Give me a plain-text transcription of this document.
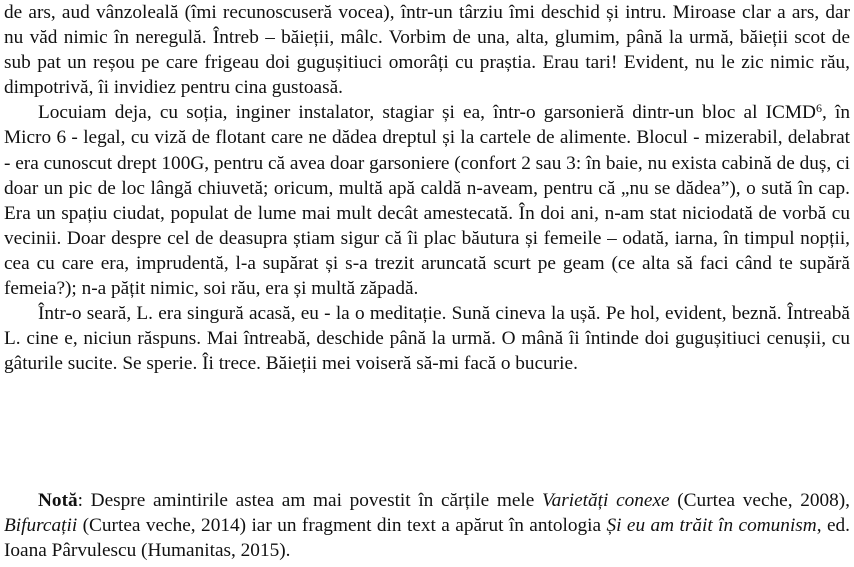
de ars, aud vânzoleală (îmi recunoscuseră vocea), într-un târziu îmi deschid și intru. Miroase clar a ars, dar nu văd nimic în neregulă. Întreb – băieții, mâlc. Vorbim de una, alta, glumim, până la urmă, băieții scot de sub pat un reșou pe care frigeau doi gugușitiuci omorâți cu praștia. Erau tari! Evident, nu le zic nimic rău, dimpotrivă, îi invidiez pentru cina gustoasă.

Locuiam deja, cu soția, inginer instalator, stagiar și ea, într-o garsonieră dintr-un bloc al ICMD$^6$, în Micro 6 - legal, cu viză de flotant care ne dădea dreptul și la cartele de alimente. Blocul - mizerabil, delabrat - era cunoscut drept 100G, pentru că avea doar garsoniere (confort 2 sau 3: în baie, nu exista cabină de duș, ci doar un pic de loc lângă chiuvetă; oricum, multă apă caldă n-aveam, pentru că „nu se dădea”), o sută în cap. Era un spațiu ciudat, populat de lume mai mult decât amestecată. În doi ani, n-am stat niciodată de vorbă cu vecinii. Doar despre cel de deasupra știam sigur că îi plac băutura și femeile – odată, iarna, în timpul nopții, cea cu care era, imprudentă, l-a supărat și s-a trezit aruncată scurt pe geam (ce alta să faci când te supără femeia?); n-a pățit nimic, soi rău, era și multă zăpadă.

Într-o seară, L. era singură acasă, eu - la o meditație. Sună cineva la ușă. Pe hol, evident, beznă. Întreabă L. cine e, niciun răspuns. Mai întreabă, deschide până la urmă. O mână îi întinde doi gugușitiuci cenușii, cu gâturile sucite. Se sperie. Îi trece. Băieții mei voiseră să-mi facă o bucurie.

Notă: Despre amintirile astea am mai povestit în cărțile mele Varietăți conexe (Curtea veche, 2008), Bifurcații (Curtea veche, 2014) iar un fragment din text a apărut în antologia Și eu am trăit în comunism, ed. Ioana Pârvulescu (Humanitas, 2015).
